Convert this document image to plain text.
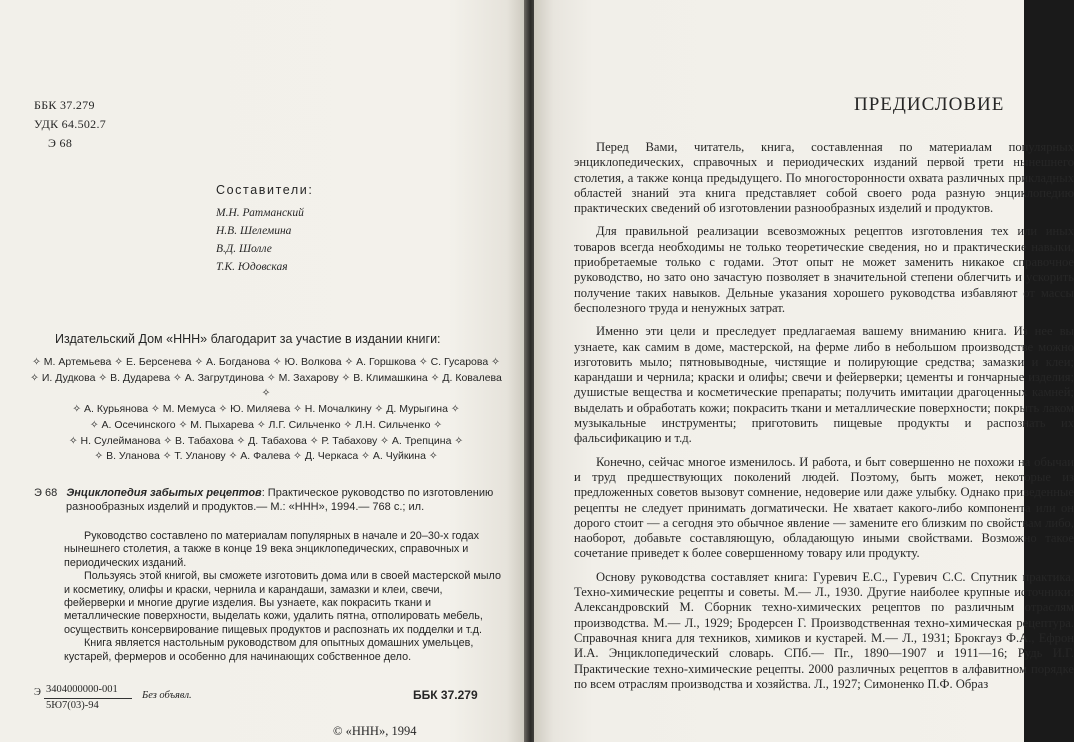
ББК 37.279
УДК 64.502.7
Э 68
Составители:
М.Н. Ратманский
Н.В. Шелемина
В.Д. Шолле
Т.К. Юдовская
Издательский Дом «ННН» благодарит за участие в издании книги:
✧ М. Артемьева ✧ Е. Берсенева ✧ А. Богданова ✧ Ю. Волкова ✧ А. Горшкова ✧ С. Гусарова ✧
✧ И. Дудкова ✧ В. Дударева ✧ А. Загрутдинова ✧ М. Захарову ✧ В. Климашкина ✧ Д. Ковалева ✧
✧ А. Курьянова ✧ М. Мемуса ✧ Ю. Миляева ✧ Н. Мочалкину ✧ Д. Мурыгина ✧
✧ А. Осечинского ✧ М. Пыхарева ✧ Л.Г. Сильченко ✧ Л.Н. Сильченко ✧
✧ Н. Сулейманова ✧ В. Табахова ✧ Д. Табахова ✧ Р. Табахову ✧ А. Трепцина ✧
✧ В. Уланова ✧ Т. Уланову ✧ А. Фалева ✧ Д. Черкаса ✧ А. Чуйкина ✧
Э 68 Энциклопедия забытых рецептов: Практическое руководство по изготовлению
разнообразных изделий и продуктов.— М.: «ННН», 1994.— 768 с.; ил.

Руководство составлено по материалам популярных в начале и 20–30-х годах нынешнего столетия, а также в конце 19 века энциклопедических, справочных и периодических изданий.

Пользуясь этой книгой, вы сможете изготовить дома или в своей мастерской мыло и косметику, олифы и краски, чернила и карандаши, замазки и клеи, свечи, фейерверки и многие другие изделия. Вы узнаете, как покрасить ткани и металлические поверхности, выделать кожи, удалить пятна, отполировать мебель, осуществить консервирование пищевых продуктов и распознать их подделки и т.д.

Книга является настольным руководством для опытных домашних умельцев, кустарей, фермеров и особенно для начинающих собственное дело.

Э 3404000000-001
5Ю7(03)-94
Без объявл.	ББК 37.279
© «ННН», 1994
ПРЕДИСЛОВИЕ

Перед Вами, читатель, книга, составленная по материалам популярных энциклопедических, справочных и периодических изданий первой трети нынешнего столетия, а также конца предыдущего. По многосторонности охвата различных прикладных областей знаний эта книга представляет собой своего рода разную энциклопедию практических сведений об изготовлении разнообразных изделий и продуктов.

Для правильной реализации всевозможных рецептов изготовления тех или иных товаров всегда необходимы не только теоретические сведения, но и практические навыки, приобретаемые только с годами. Этот опыт не может заменить никакое справочное руководство, но зато оно зачастую позволяет в значительной степени облегчить и ускорить получение таких навыков. Дельные указания хорошего руководства избавляют от массы бесполезного труда и ненужных затрат.

Именно эти цели и преследует предлагаемая вашему вниманию книга. Из нее вы узнаете, как самим в доме, мастерской, на ферме либо в небольшом производстве можно изготовить мыло; пятновыводные, чистящие и полирующие средства; замазки и клеи; карандаши и чернила; краски и олифы; свечи и фейерверки; цементы и гончарные изделия; душистые вещества и косметические препараты; получить имитации драгоценных камней; выделать и обработать кожи; покрасить ткани и металлические поверхности; покрыть лаком музыкальные инструменты; приготовить пищевые продукты и распознать их фальсификацию и т.д.

Конечно, сейчас многое изменилось. И работа, и быт совершенно не похожи на обычаи и труд предшествующих поколений людей. Поэтому, быть может, некоторые из предложенных советов вызовут сомнение, недоверие или даже улыбку. Однако приведенные рецепты не следует принимать догматически. Не хватает какого-либо компонента или он дорого стоит — а сегодня это обычное явление — замените его близким по свойствам либо, наоборот, добавьте составляющую, обладающую иными свойствами. Возможно такое сочетание приведет к более совершенному товару или продукту.

Основу руководства составляет книга: Гуревич Е.С., Гуревич С.С. Спутник практика. Техно-химические рецепты и советы. М.— Л., 1930. Другие наиболее крупные источники: Александровский М. Сборник техно-химических рецептов по различным отраслям производства. М.— Л., 1929; Бродерсен Г. Производственная техно-химическая рецептура. Справочная книга для техников, химиков и кустарей. М.— Л., 1931; Брокгауз Ф.А., Ефрон И.А. Энциклопедический словарь. СПб.— Пг., 1890—1907 и 1911—16; Рудь И.Г. Практические техно-химические рецепты. 2000 различных рецептов в алфавитном порядке по всем отраслям производства и хозяйства. Л., 1927; Симоненко П.Ф. Образ
